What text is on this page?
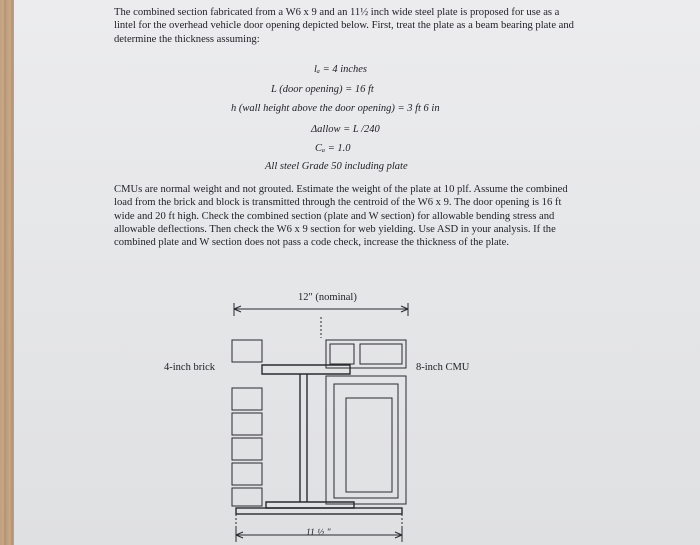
The combined section fabricated from a W6 x 9 and an 11½ inch wide steel plate is proposed for use as a lintel for the overhead vehicle door opening depicted below. First, treat the plate as a beam bearing plate and determine the thickness assuming:
lₐ = 4 inches
L (door opening) = 16 ft
h (wall height above the door opening) = 3 ft 6 in
Δallow = L /240
Cₐ = 1.0
All steel Grade 50 including plate
CMUs are normal weight and not grouted. Estimate the weight of the plate at 10 plf. Assume the combined load from the brick and block is transmitted through the centroid of the W6 x 9. The door opening is 16 ft wide and 20 ft high. Check the combined section (plate and W section) for allowable bending stress and allowable deflections. Then check the W6 x 9 section for web yielding. Use ASD in your analysis. If the combined plate and W section does not pass a code check, increase the thickness of the plate.
12" (nominal)
4-inch brick	8-inch CMU
11 ½ "
